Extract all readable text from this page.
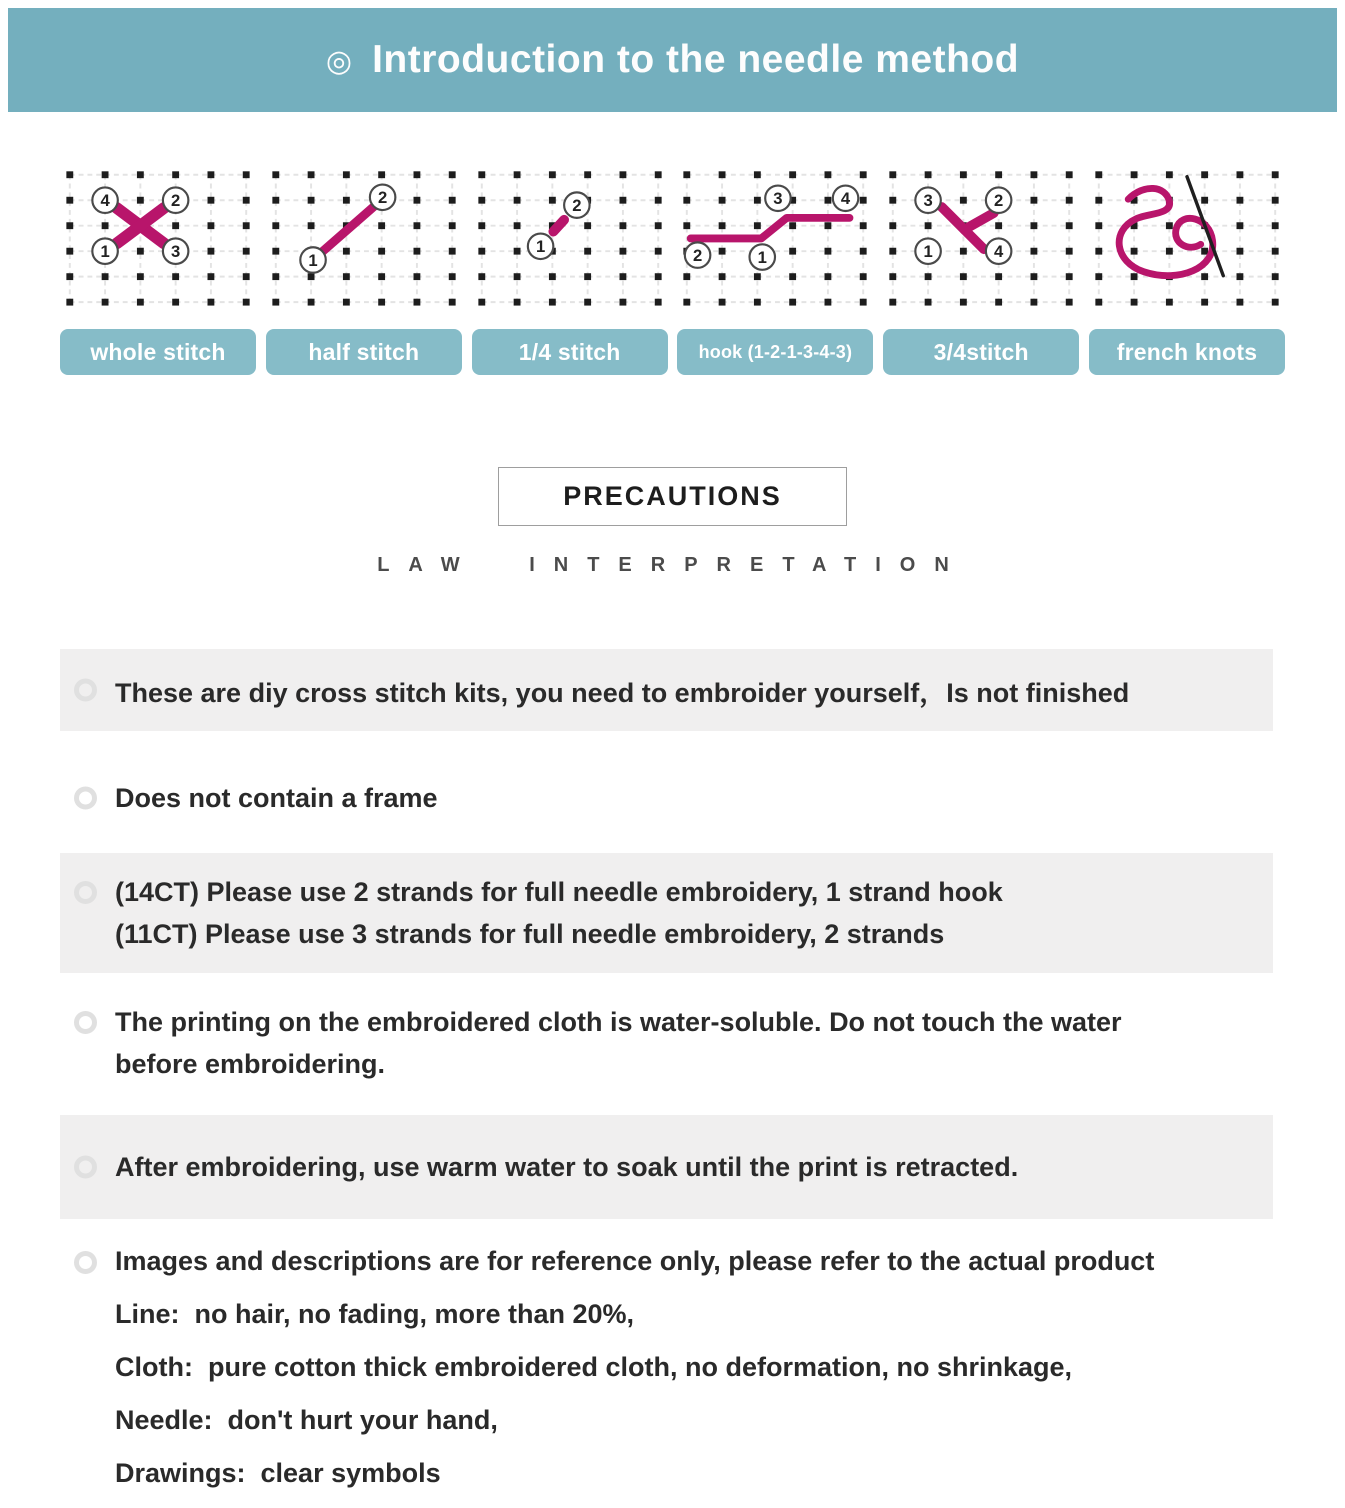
◎ Introduction to the needle method
4	2
1	3
whole stitch
1
2
half stitch
1
2
1/4 stitch
2	1
3	4
hook (1-2-1-3-4-3)
3	2
1	4
3/4stitch	french knots
PRECAUTIONS
LAW INTERPRETATION
These are diy cross stitch kits, you need to embroider yourself，Is not finished
Does not contain a frame
(14CT) Please use 2 strands for full needle embroidery, 1 strand hook
(11CT) Please use 3 strands for full needle embroidery, 2 strands
The printing on the embroidered cloth is water-soluble. Do not touch the water
before embroidering.
After embroidering, use warm water to soak until the print is retracted.
Images and descriptions are for reference only, please refer to the actual product
Line:  no hair, no fading, more than 20%,
Cloth:  pure cotton thick embroidered cloth, no deformation, no shrinkage,
Needle:  don't hurt your hand,
Drawings:  clear symbols
